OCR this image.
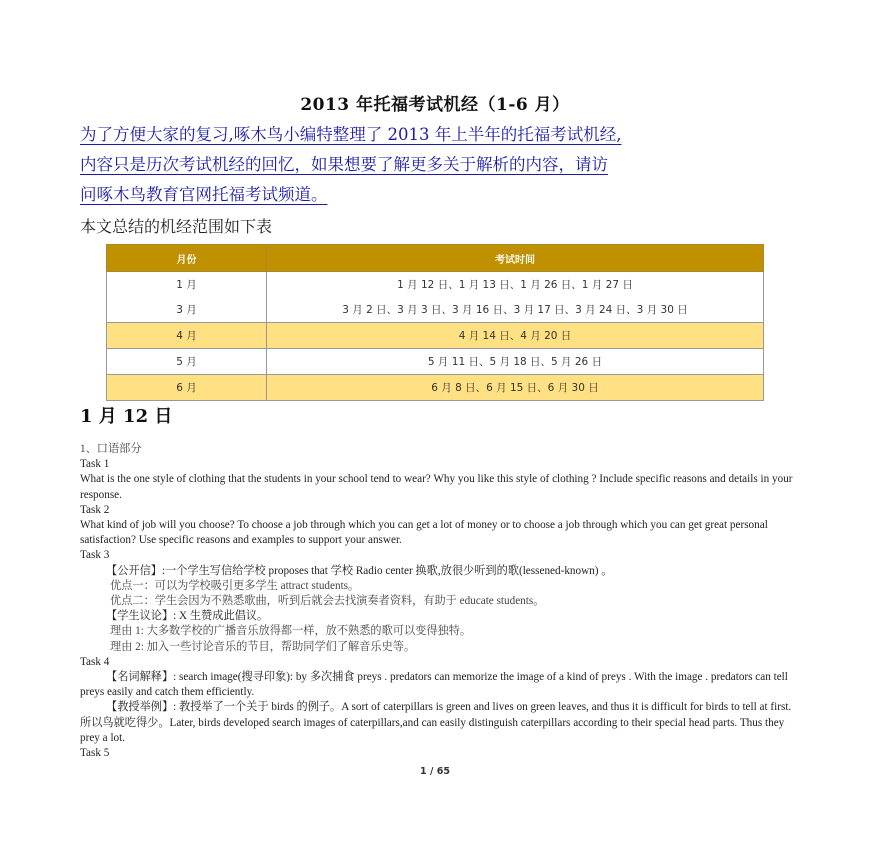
2013 年托福考试机经（1-6 月）
为了方便大家的复习,啄木鸟小编特整理了 2013 年上半年的托福考试机经,
内容只是历次考试机经的回忆，如果想要了解更多关于解析的内容，请访
问啄木鸟教育官网托福考试频道。
本文总结的机经范围如下表
月份	考试时间
1 月	1 月 12 日、1 月 13 日、1 月 26 日、1 月 27 日
3 月	3 月 2 日、3 月 3 日、3 月 16 日、3 月 17 日、3 月 24 日、3 月 30 日
4 月	4 月 14 日、4 月 20 日
5 月	5 月 11 日、5 月 18 日、5 月 26 日
6 月	6 月 8 日、6 月 15 日、6 月 30 日
1 月 12 日

1、口语部分

Task 1

What is the one style of clothing that the students in your school tend to wear? Why you like this style of clothing ? Include specific reasons and details in your response.

Task 2

What kind of job will you choose? To choose a job through which you can get a lot of money or to choose a job through which you can get great personal satisfaction? Use specific reasons and examples to support your answer.

Task 3

【公开信】:一个学生写信给学校 proposes that 学校 Radio center 换歌,放很少听到的歌(lessened-known) 。

优点一：可以为学校吸引更多学生 attract students。

优点二：学生会因为不熟悉歌曲，听到后就会去找演奏者资料，有助于 educate students。

【学生议论】: X 生赞成此倡议。

理由 1: 大多数学校的广播音乐放得都一样，放不熟悉的歌可以变得独特。

理由 2: 加入一些讨论音乐的节目，帮助同学们了解音乐史等。

Task 4

【名词解释】: search image(搜寻印象): by 多次捕食 preys . predators can memorize the image of a kind of preys . With the image . predators can tell preys easily and catch them efficiently.

【教授举例】: 教授举了一个关于 birds 的例子。A sort of caterpillars is green and lives on green leaves, and thus it is difficult for birds to tell at first. 所以鸟就吃得少。Later, birds developed search images of caterpillars,and can easily distinguish caterpillars according to their special head parts. Thus they prey a lot.

Task 5

1 / 65
